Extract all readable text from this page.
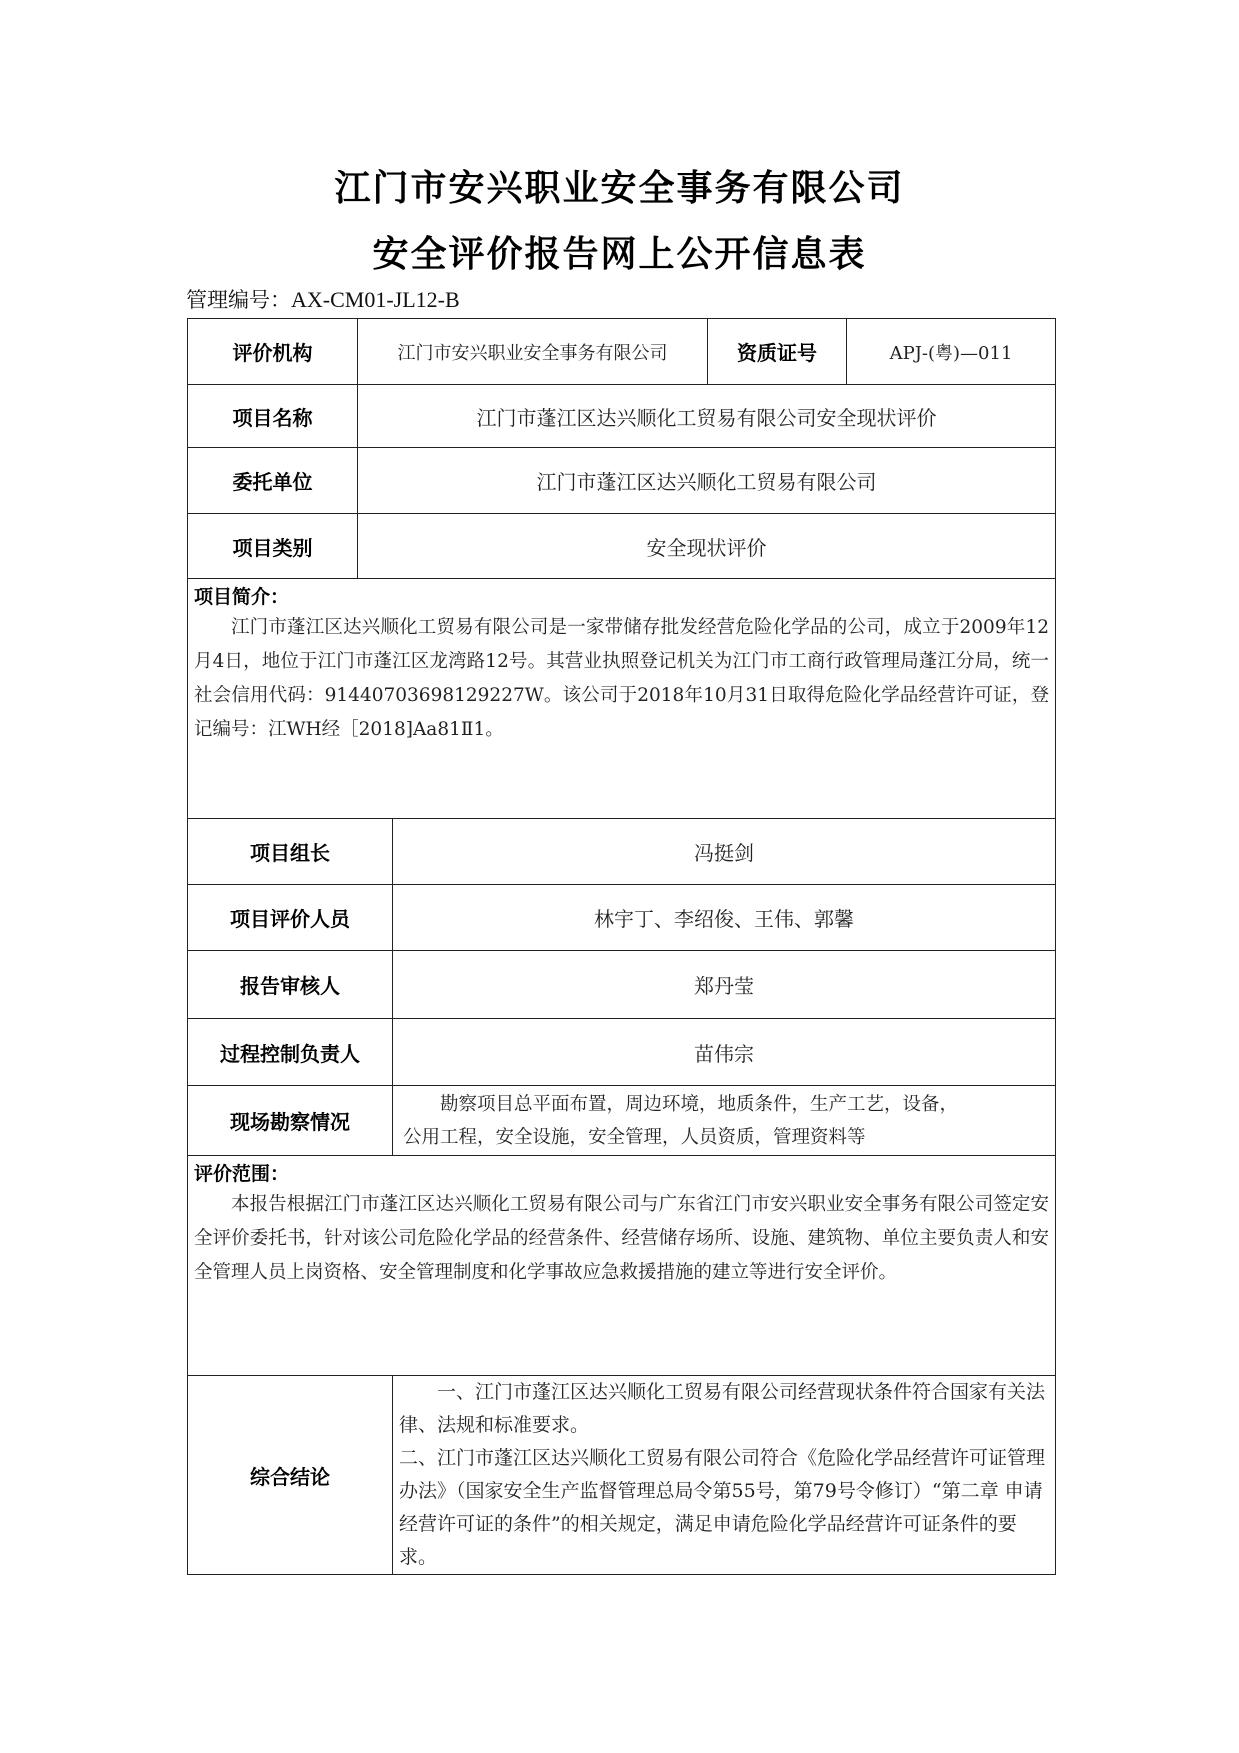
江门市安兴职业安全事务有限公司
安全评价报告网上公开信息表
管理编号：AX-CM01-JL12-B
评价机构	江门市安兴职业安全事务有限公司		资质证号	APJ-(粤)—011
项目名称	江门市蓬江区达兴顺化工贸易有限公司安全现状评价			
委托单位	江门市蓬江区达兴顺化工贸易有限公司			
项目类别	安全现状评价			

项目简介：

江门市蓬江区达兴顺化工贸易有限公司是一家带储存批发经营危险化学品的公司，成立于2009年12月4日，地位于江门市蓬江区龙湾路12号。其营业执照登记机关为江门市工商行政管理局蓬江分局，统一社会信用代码：91440703698129227W。该公司于2018年10月31日取得危险化学品经营许可证，登记编号：江WH经［2018]Aa81Ⅱ1。				

项目组长		冯挺剑		
项目评价人员		林宇丁、李绍俊、王伟、郭馨		
报告审核人		郑丹莹		
过程控制负责人		苗伟宗		
现场勘察情况		勘察项目总平面布置，周边环境，地质条件，生产工艺，设备，
公用工程，安全设施，安全管理，人员资质，管理资料等		

评价范围：

本报告根据江门市蓬江区达兴顺化工贸易有限公司与广东省江门市安兴职业安全事务有限公司签定安全评价委托书，针对该公司危险化学品的经营条件、经营储存场所、设施、建筑物、单位主要负责人和安全管理人员上岗资格、安全管理制度和化学事故应急救援措施的建立等进行安全评价。				

综合结论		一、江门市蓬江区达兴顺化工贸易有限公司经营现状条件符合国家有关法律、法规和标准要求。

二、江门市蓬江区达兴顺化工贸易有限公司符合《危险化学品经营许可证管理办法》（国家安全生产监督管理总局令第55号，第79号令修订）“第二章 申请经营许可证的条件”的相关规定，满足申请危险化学品经营许可证条件的要求。		
